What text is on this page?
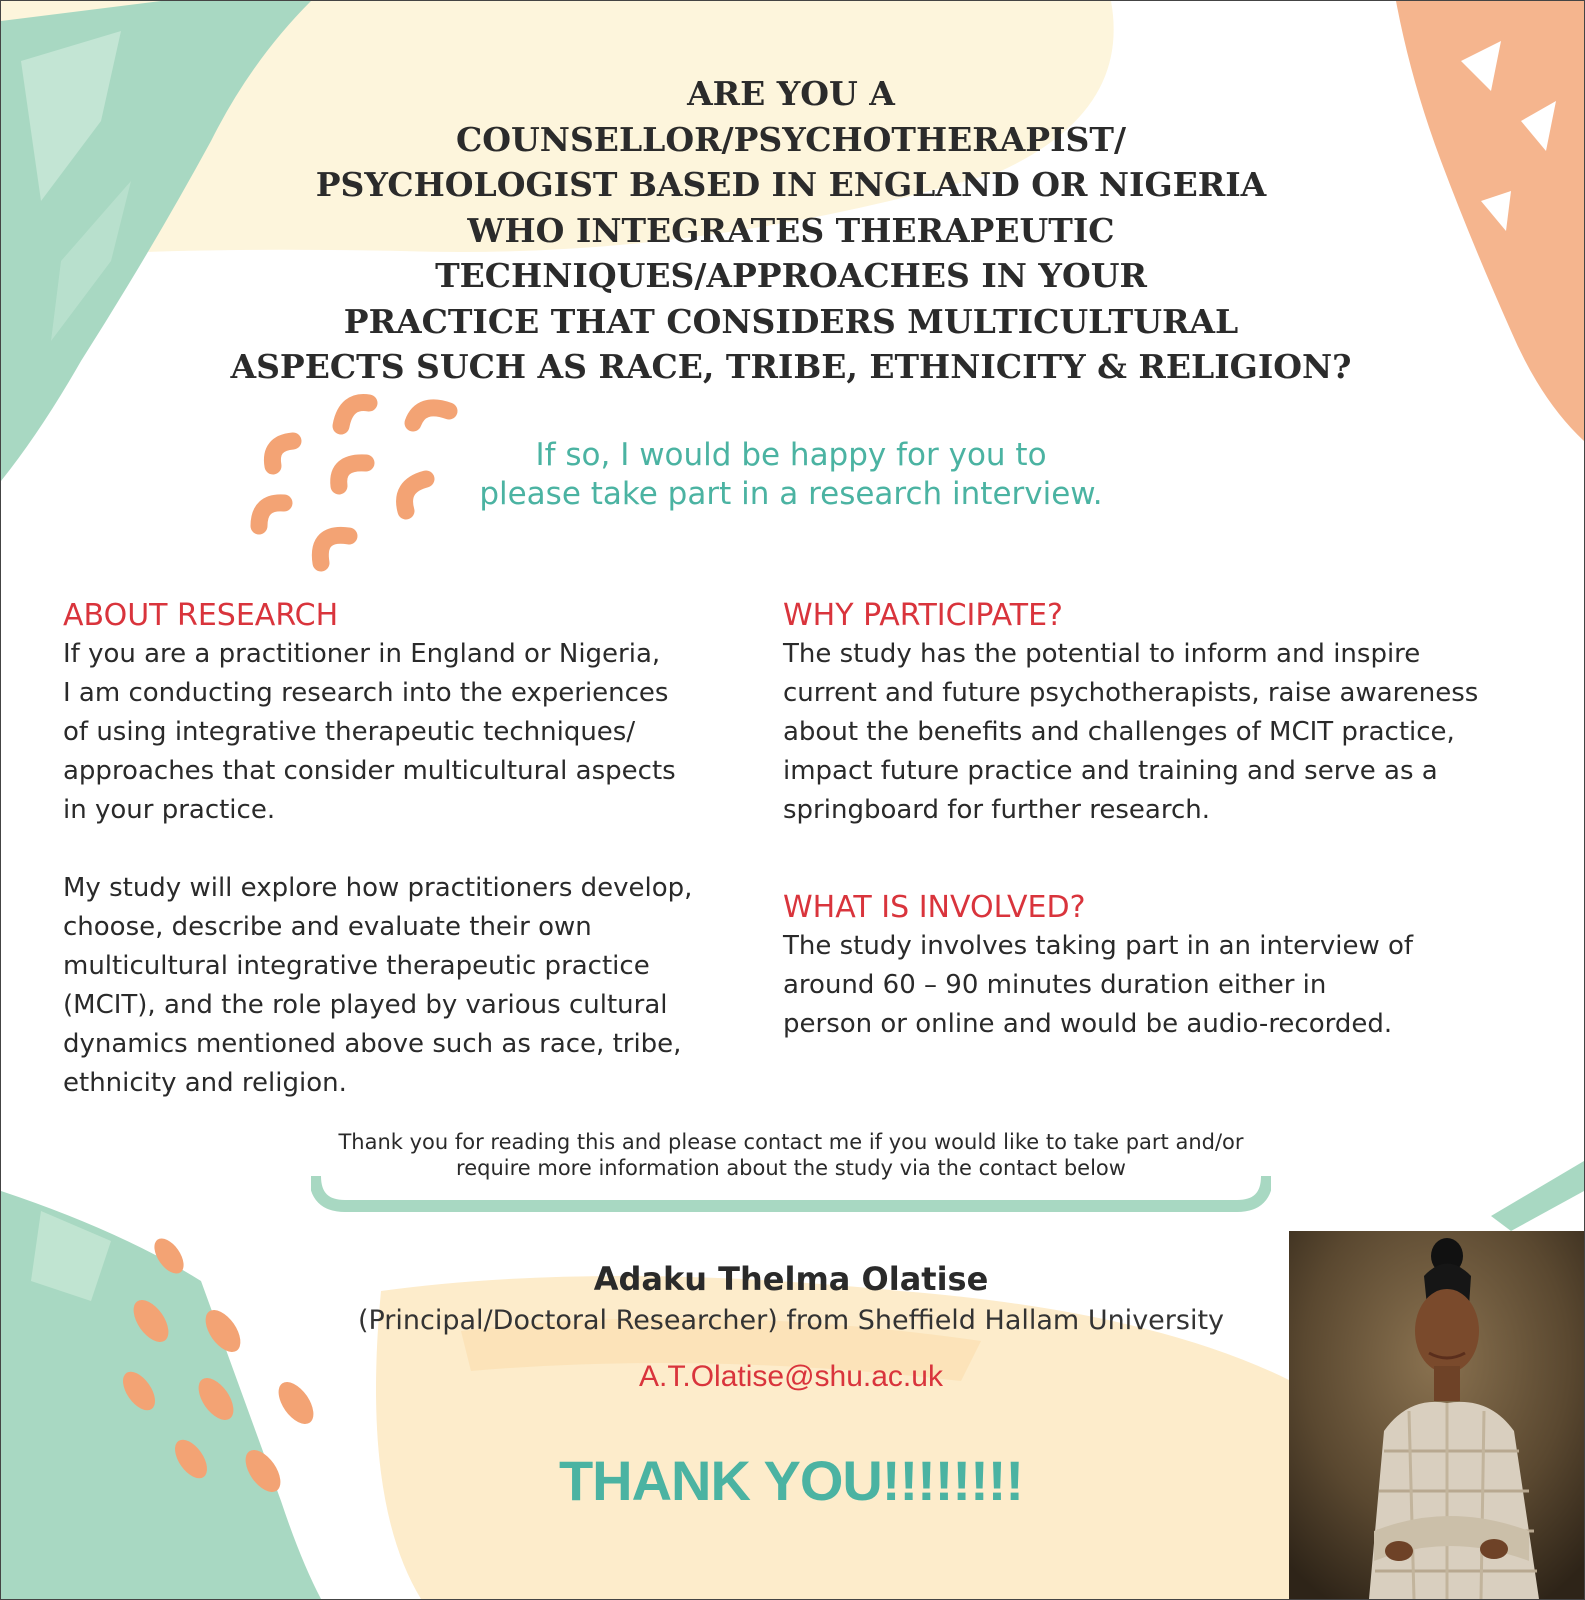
ARE YOU A
COUNSELLOR/PSYCHOTHERAPIST/
PSYCHOLOGIST BASED IN ENGLAND OR NIGERIA
WHO INTEGRATES THERAPEUTIC
TECHNIQUES/APPROACHES IN YOUR
PRACTICE THAT CONSIDERS MULTICULTURAL
ASPECTS SUCH AS RACE, TRIBE, ETHNICITY & RELIGION?
If so, I would be happy for you to
please take part in a research interview.
ABOUT RESEARCH
If you are a practitioner in England or Nigeria,
I am conducting research into the experiences
of using integrative therapeutic techniques/
approaches that consider multicultural aspects
in your practice.
My study will explore how practitioners develop,
choose, describe and evaluate their own
multicultural integrative therapeutic practice
(MCIT), and the role played by various cultural
dynamics mentioned above such as race, tribe,
ethnicity and religion.
WHY PARTICIPATE?
The study has the potential to inform and inspire
current and future psychotherapists, raise awareness
about the benefits and challenges of MCIT practice,
impact future practice and training and serve as a
springboard for further research.
WHAT IS INVOLVED?
The study involves taking part in an interview of
around 60 – 90 minutes duration either in
person or online and would be audio-recorded.
Thank you for reading this and please contact me if you would like to take part and/or
require more information about the study via the contact below
Adaku Thelma Olatise
(Principal/Doctoral Researcher) from Sheffield Hallam University
A.T.Olatise@shu.ac.uk
THANK YOU!!!!!!!!
